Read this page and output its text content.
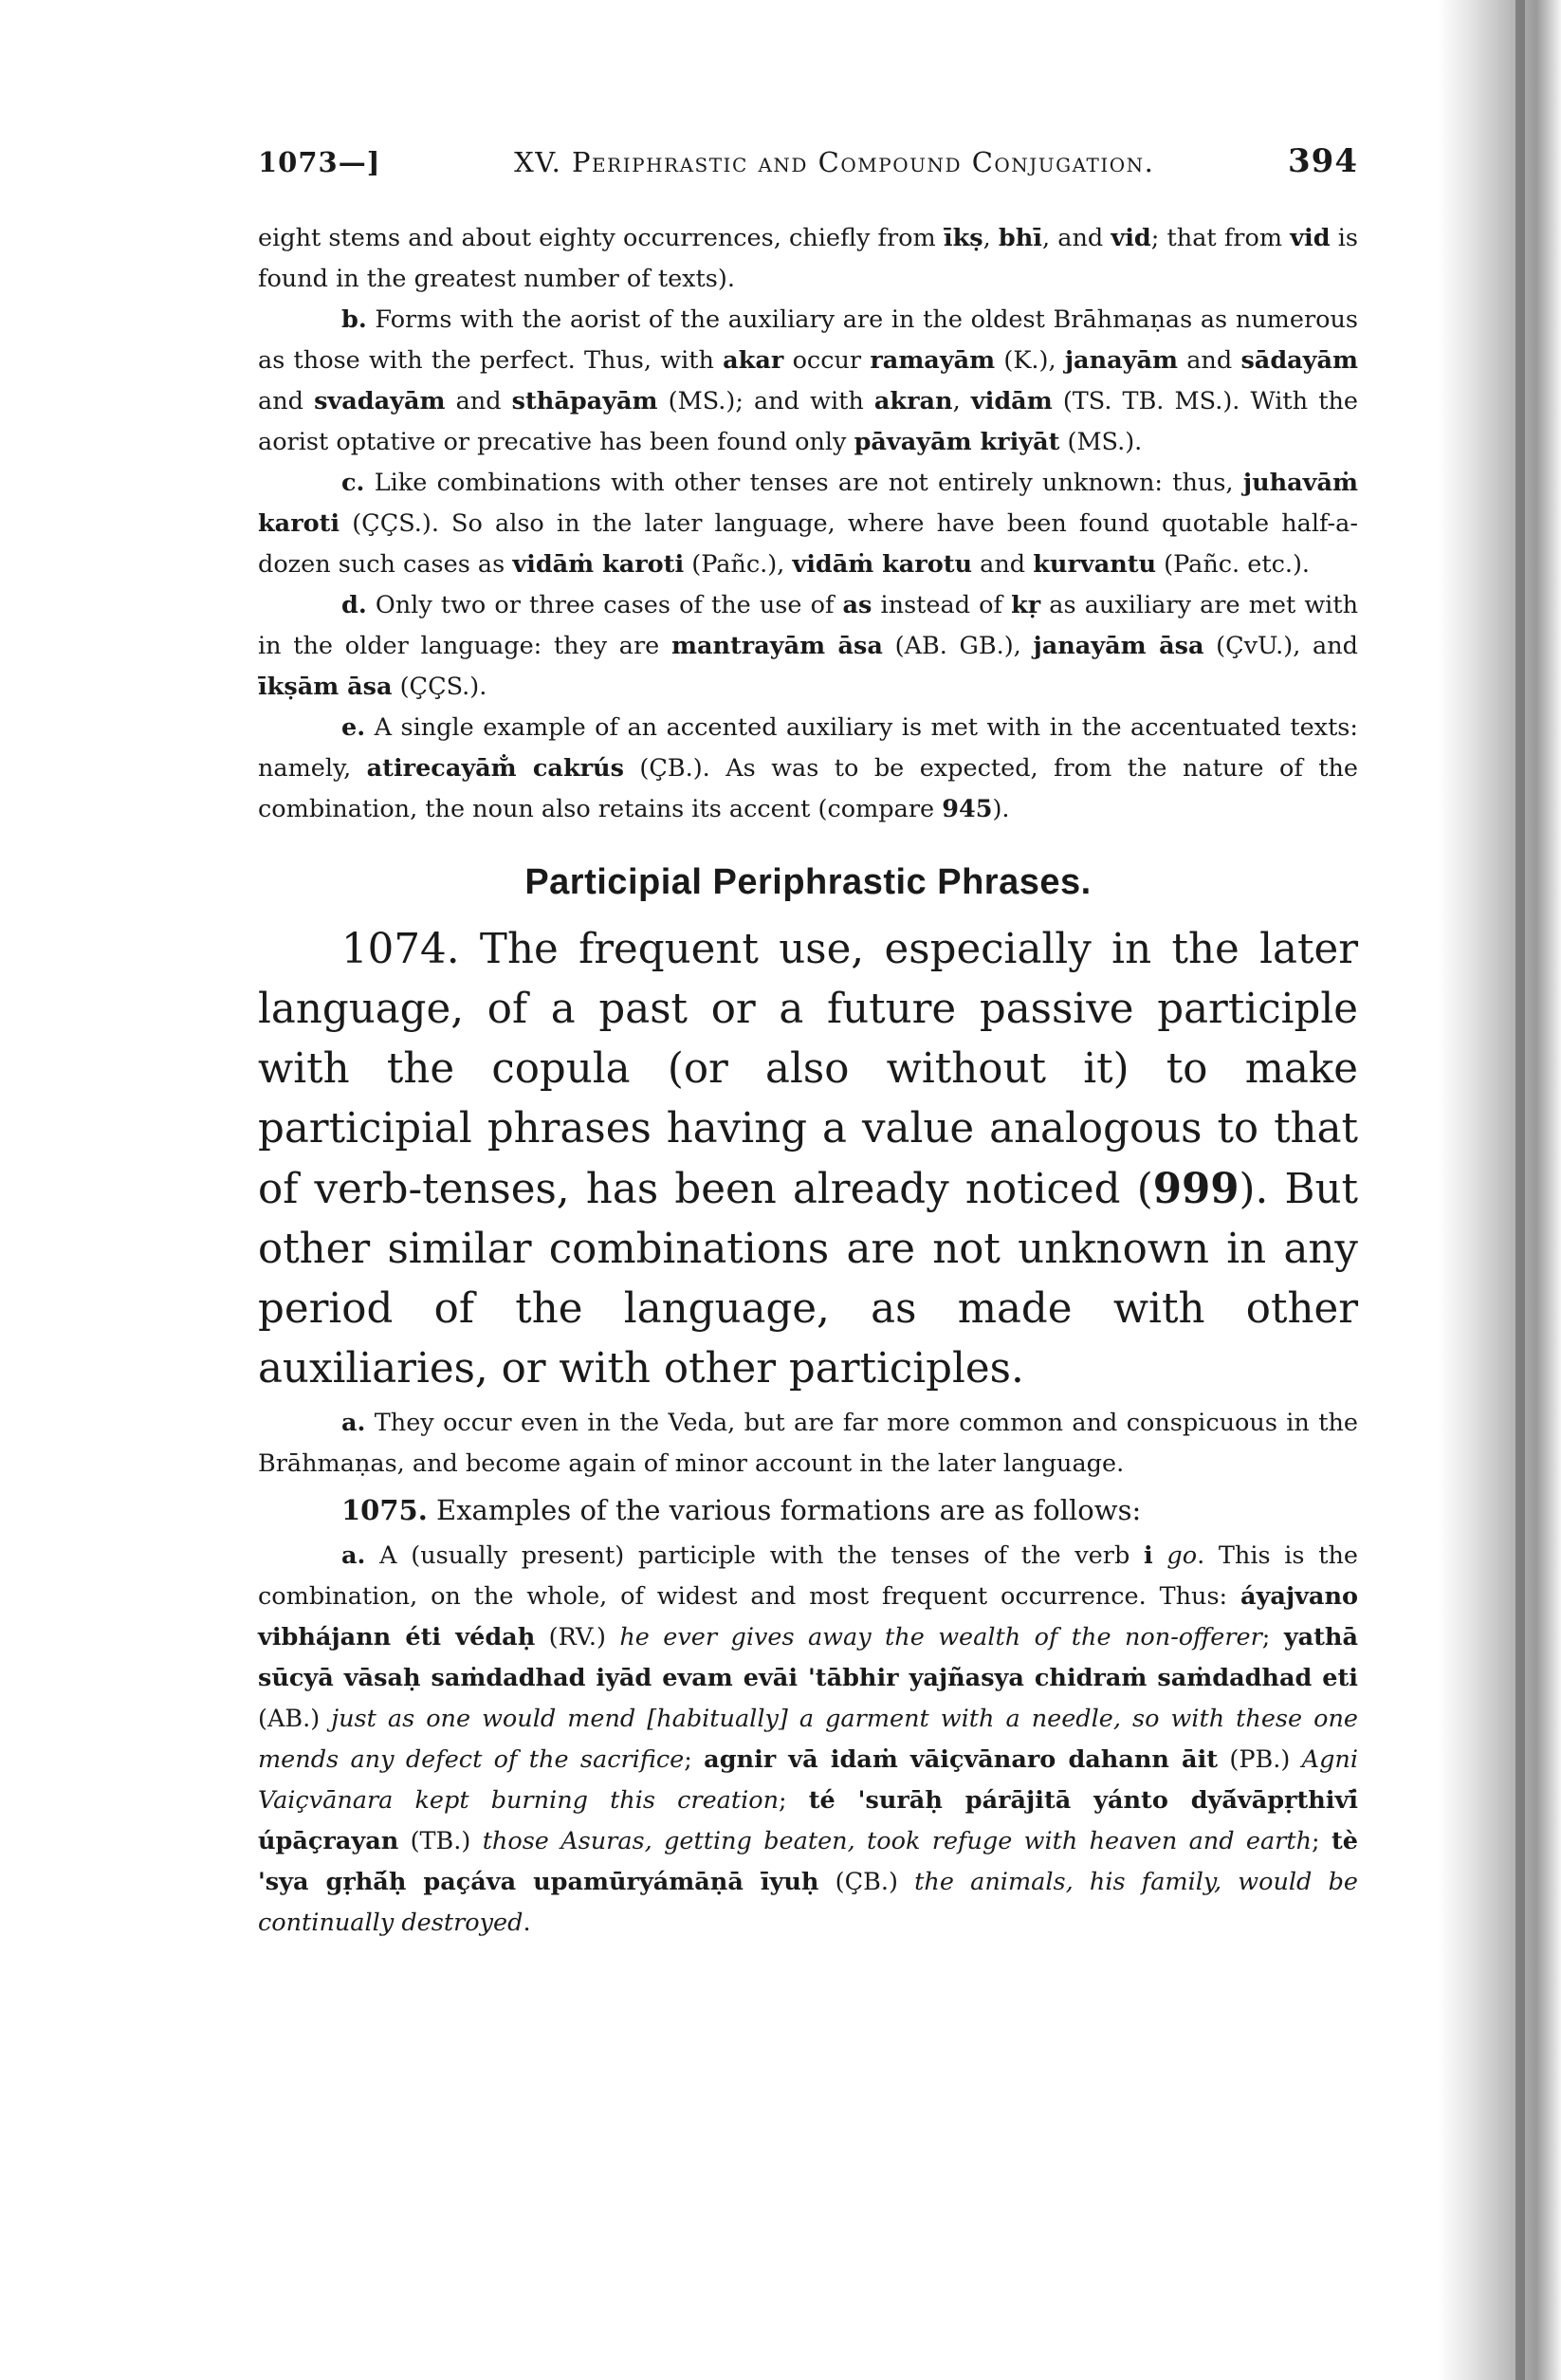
1073—]	XV. Periphrastic and Compound Conjugation.	394

eight stems and about eighty occurrences, chiefly from īkṣ, bhī, and vid; that from vid is found in the greatest number of texts).

b. Forms with the aorist of the auxiliary are in the oldest Brāhmaṇas as numerous as those with the perfect. Thus, with akar occur ramayām (K.), janayām and sādayām and svadayām and sthāpayām (MS.); and with akran, vidām (TS. TB. MS.). With the aorist optative or precative has been found only pāvayām kriyāt (MS.).

c. Like combinations with other tenses are not entirely unknown: thus, juhavāṁ karoti (ÇÇS.). So also in the later language, where have been found quotable half-a-dozen such cases as vidāṁ karoti (Pañc.), vidāṁ karotu and kurvantu (Pañc. etc.).

d. Only two or three cases of the use of as instead of kṛ as auxiliary are met with in the older language: they are mantrayām āsa (AB. GB.), janayām āsa (ÇvU.), and īkṣām āsa (ÇÇS.).

e. A single example of an accented auxiliary is met with in the accentuated texts: namely, atirecayām̐ cakrús (ÇB.). As was to be expected, from the nature of the combination, the noun also retains its accent (compare 945).

Participial Periphrastic Phrases.

1074. The frequent use, especially in the later language, of a past or a future passive participle with the copula (or also without it) to make participial phrases having a value analogous to that of verb-tenses, has been already noticed (999). But other similar combinations are not unknown in any period of the language, as made with other auxiliaries, or with other participles.

a. They occur even in the Veda, but are far more common and conspicuous in the Brāhmaṇas, and become again of minor account in the later language.

1075. Examples of the various formations are as follows:

a. A (usually present) participle with the tenses of the verb i go. This is the combination, on the whole, of widest and most frequent occurrence. Thus: áyajvano vibhájann éti védaḥ (RV.) he ever gives away the wealth of the non-offerer; yathā sūcyā vāsaḥ saṁdadhad iyād evam evāi 'tābhir yajñasya chidraṁ saṁdadhad eti (AB.) just as one would mend [habitually] a garment with a needle, so with these one mends any defect of the sacrifice; agnir vā idaṁ vāiçvānaro dahann āit (PB.) Agni Vaiçvānara kept burning this creation; té 'surāḥ párājitā yánto dyā́vāpṛthivī́ úpāçrayan (TB.) those Asuras, getting beaten, took refuge with heaven and earth; tè 'sya gṛhā́ḥ paçáva upamūryámāṇā īyuḥ (ÇB.) the animals, his family, would be continually destroyed.
